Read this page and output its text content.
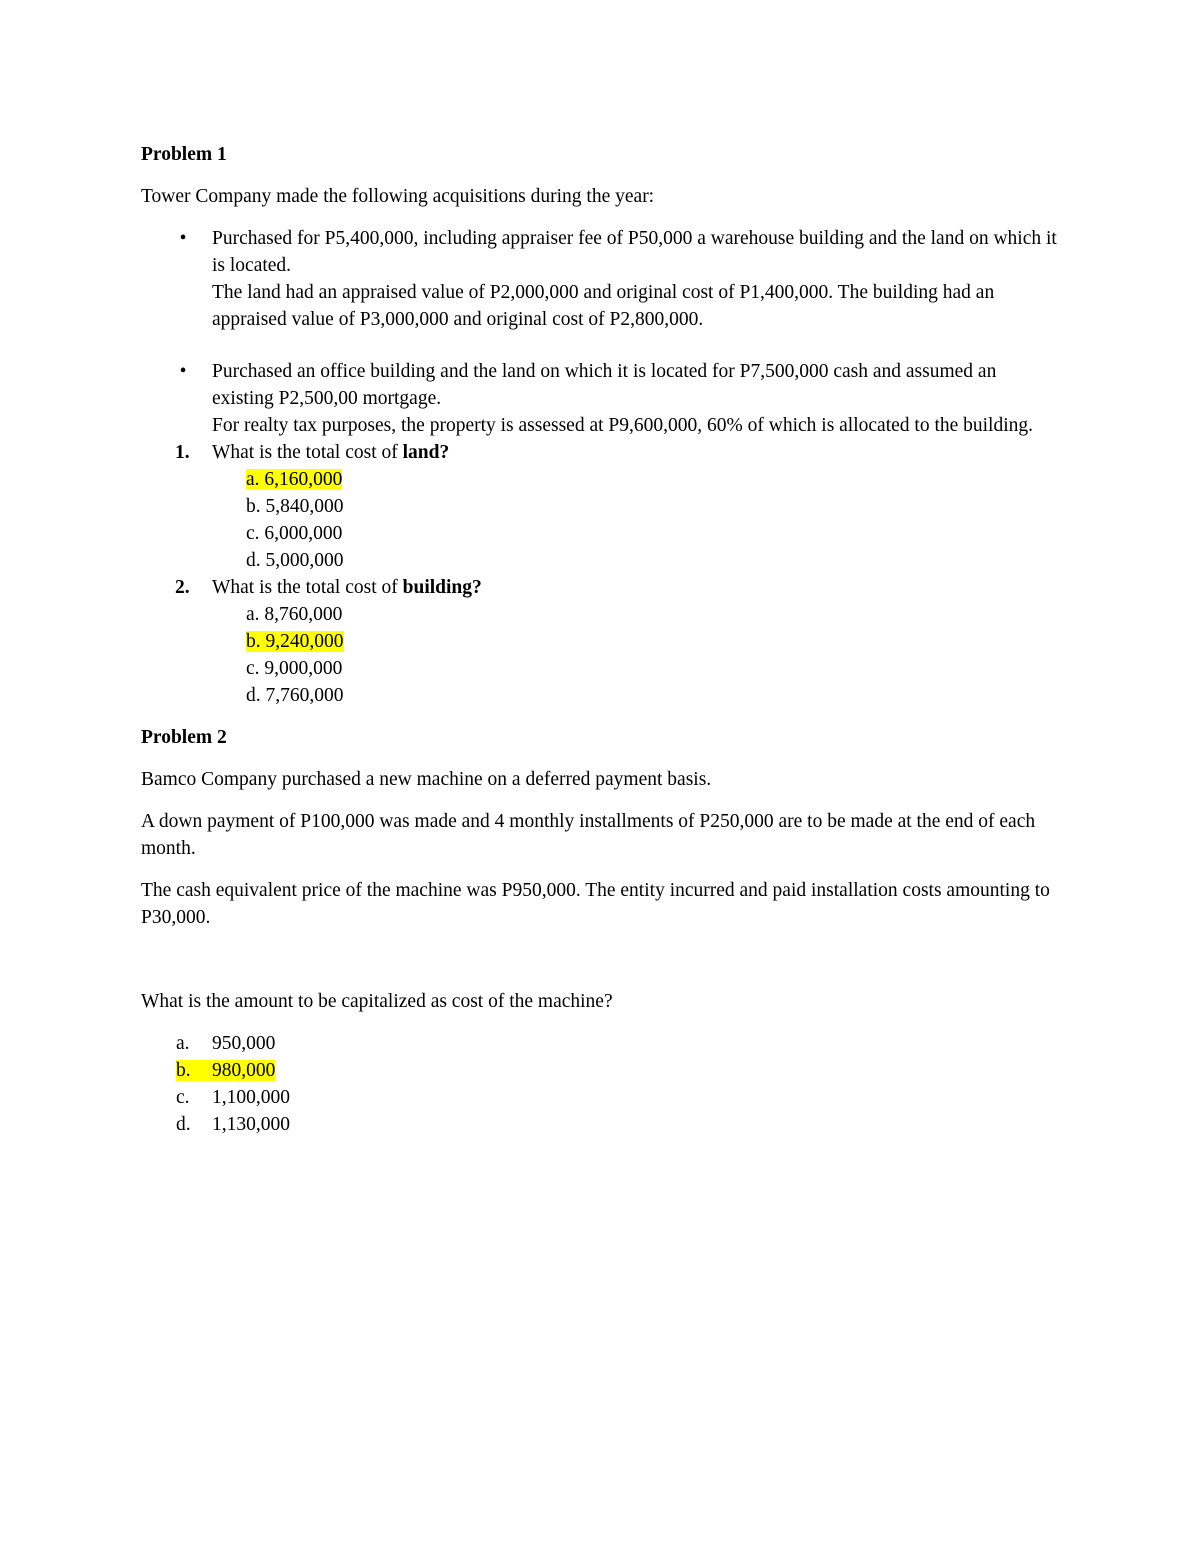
Problem 1
Tower Company made the following acquisitions during the year:
• Purchased for P5,400,000, including appraiser fee of P50,000 a warehouse building and the land on which it is located.
The land had an appraised value of P2,000,000 and original cost of P1,400,000. The building had an appraised value of P3,000,000 and original cost of P2,800,000.
• Purchased an office building and the land on which it is located for P7,500,000 cash and assumed an existing P2,500,00 mortgage.
For realty tax purposes, the property is assessed at P9,600,000, 60% of which is allocated to the building.
1. What is the total cost of land?
a. 6,160,000
b. 5,840,000
c. 6,000,000
d. 5,000,000
2. What is the total cost of building?
a. 8,760,000
b. 9,240,000
c. 9,000,000
d. 7,760,000
Problem 2
Bamco Company purchased a new machine on a deferred payment basis.
A down payment of P100,000 was made and 4 monthly installments of P250,000 are to be made at the end of each month.
The cash equivalent price of the machine was P950,000. The entity incurred and paid installation costs amounting to P30,000.
What is the amount to be capitalized as cost of the machine?
a. 950,000
b. 980,000
c. 1,100,000
d. 1,130,000
